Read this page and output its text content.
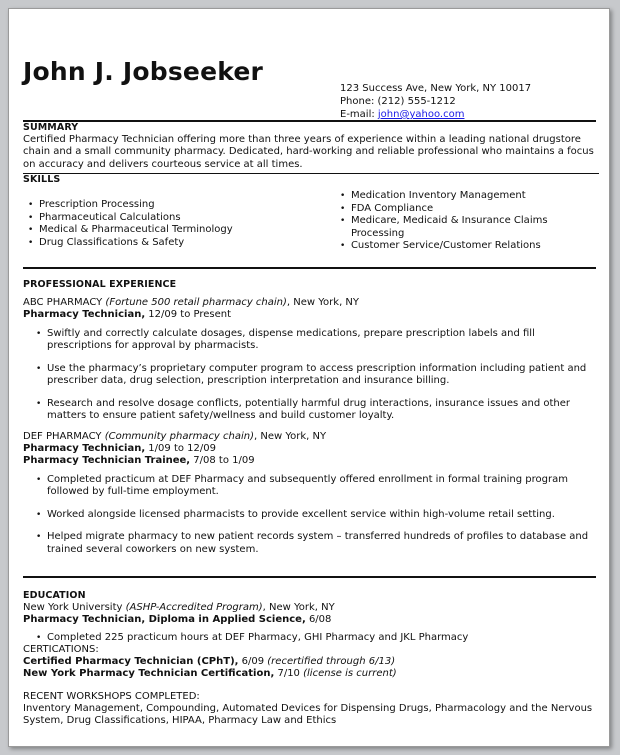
John J. Jobseeker
123 Success Ave, New York, NY 10017
Phone: (212) 555-1212
E-mail: john@yahoo.com
SUMMARY
Certified Pharmacy Technician offering more than three years of experience within a leading national drugstore chain and a small community pharmacy. Dedicated, hard-working and reliable professional who maintains a focus on accuracy and delivers courteous service at all times.
SKILLS
• Prescription Processing
• Pharmaceutical Calculations
• Medical & Pharmaceutical Terminology
• Drug Classifications & Safety
• Medication Inventory Management
• FDA Compliance
• Medicare, Medicaid & Insurance Claims Processing
• Customer Service/Customer Relations
PROFESSIONAL EXPERIENCE
ABC PHARMACY (Fortune 500 retail pharmacy chain), New York, NY
Pharmacy Technician, 12/09 to Present
• Swiftly and correctly calculate dosages, dispense medications, prepare prescription labels and fill prescriptions for approval by pharmacists.
• Use the pharmacy’s proprietary computer program to access prescription information including patient and prescriber data, drug selection, prescription interpretation and insurance billing.
• Research and resolve dosage conflicts, potentially harmful drug interactions, insurance issues and other matters to ensure patient safety/wellness and build customer loyalty.
DEF PHARMACY (Community pharmacy chain), New York, NY
Pharmacy Technician, 1/09 to 12/09
Pharmacy Technician Trainee, 7/08 to 1/09
• Completed practicum at DEF Pharmacy and subsequently offered enrollment in formal training program followed by full-time employment.
• Worked alongside licensed pharmacists to provide excellent service within high-volume retail setting.
• Helped migrate pharmacy to new patient records system – transferred hundreds of profiles to database and trained several coworkers on new system.
EDUCATION
New York University (ASHP-Accredited Program), New York, NY
Pharmacy Technician, Diploma in Applied Science, 6/08
• Completed 225 practicum hours at DEF Pharmacy, GHI Pharmacy and JKL Pharmacy
CERTICATIONS:
Certified Pharmacy Technician (CPhT), 6/09 (recertified through 6/13)
New York Pharmacy Technician Certification, 7/10 (license is current)
RECENT WORKSHOPS COMPLETED:
Inventory Management, Compounding, Automated Devices for Dispensing Drugs, Pharmacology and the Nervous System, Drug Classifications, HIPAA, Pharmacy Law and Ethics
